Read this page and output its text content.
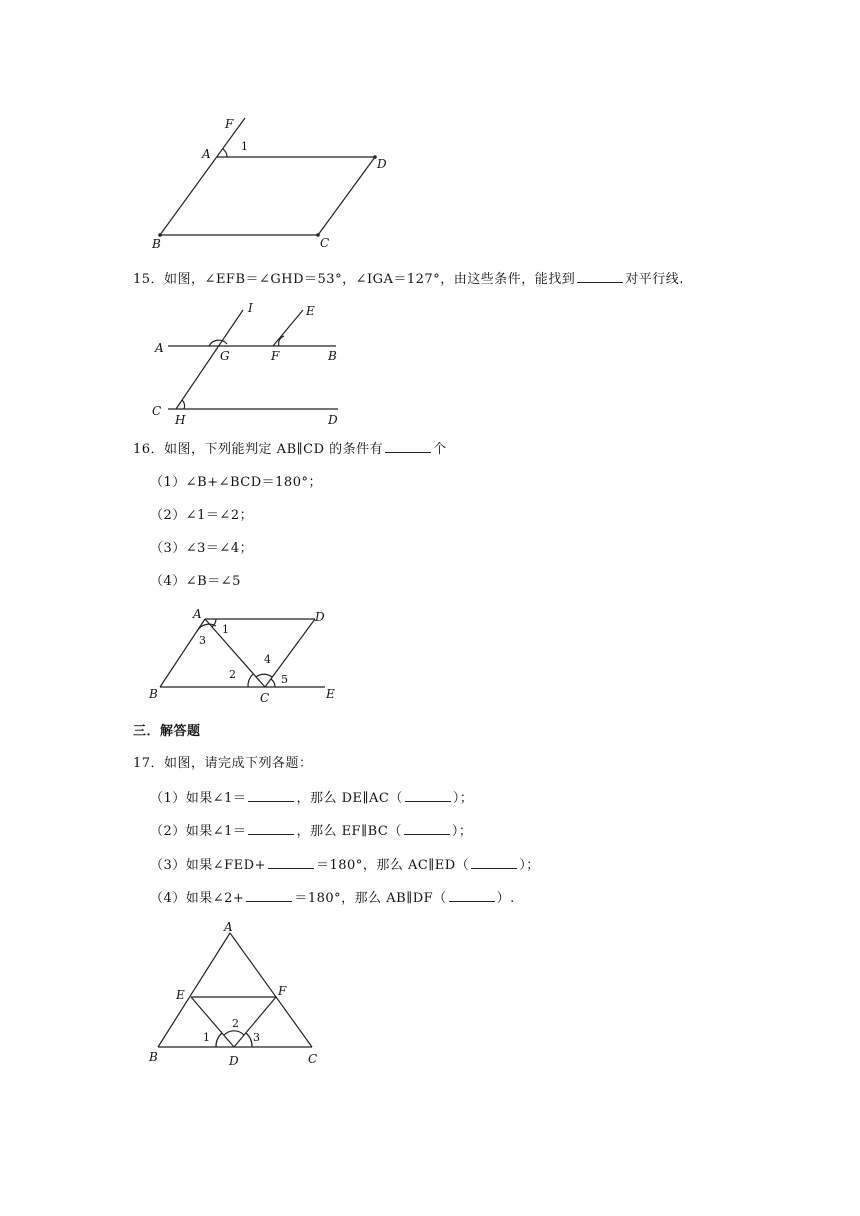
F
A
1
D
B	C
15．如图，∠EFB＝∠GHD＝53°，∠IGA＝127°，由这些条件，能找到	对平行线.
I	E
A
G	F	B
C
H	D
16．如图，下列能判定 AB∥CD 的条件有	个
（1）∠B+∠BCD＝180°；
（2）∠1＝∠2；
（3）∠3＝∠4；
（4）∠B＝∠5
A	D
1
3
4
2	5
B	C	E
三．解答题
17．如图，请完成下列各题：
（1）如果∠1＝	，那么 DE∥AC（	）；
（2）如果∠1＝	，那么 EF∥BC（	）；
（3）如果∠FED+	＝180°，那么 AC∥ED（	）；
（4）如果∠2+	＝180°，那么 AB∥DF（	）.
A
E	F
2
1	3
B	D	C
